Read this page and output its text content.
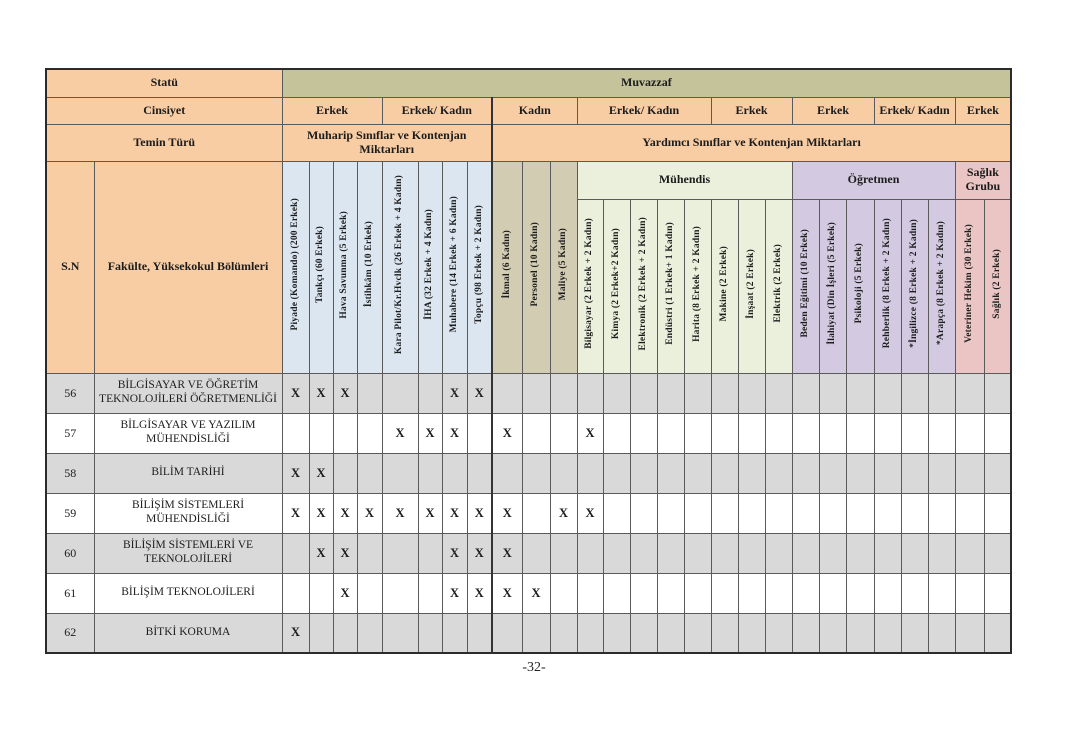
Statü		Muvazzaf																										
Cinsiyet		Erkek				Erkek/ Kadın				Kadın			Erkek/ Kadın					Erkek			Erkek			Erkek/ Kadın			Erkek	
Temin Türü		Muharip Sınıflar ve Kontenjan Miktarları								Yardımcı Sınıflar ve Kontenjan Miktarları																		
S.N	Fakülte, Yüksekokul Bölümleri	Piyade (Komando) (200 Erkek)	Tankçı (60 Erkek)	Hava Savunma (5 Erkek)	İstihkâm (10 Erkek)	Kara Pilot/Kr.Hvclk (26 Erkek + 4 Kadın)	İHA (32 Erkek + 4 Kadın)	Muhabere (14 Erkek + 6 Kadın)	Topçu (98 Erkek + 2 Kadın)	İkmal (6 Kadın)	Personel (10 Kadın)	Maliye (5 Kadın)	Mühendis								Öğretmen						Sağlık Grubu	
													Bilgisayar (2 Erkek + 2 Kadın)	Kimya (2 Erkek+2 Kadın)	Elektronik (2 Erkek + 2 Kadın)	Endüstri (1 Erkek+ 1 Kadın)	Harita (8 Erkek + 2 Kadın)	Makine (2 Erkek)	İnşaat (2 Erkek)	Elektrik (2 Erkek)	Beden Eğitimi (10 Erkek)	İlahiyat (Din İşleri (5 Erkek)	Psikoloji (5 Erkek)	Rehberlik (8 Erkek + 2 Kadın)	*İngilizce (8 Erkek + 2 Kadın)	*Arapça (8 Erkek + 2 Kadın)	Veteriner Hekim (30 Erkek)	Sağlık (2 Erkek)
56	BİLGİSAYAR VE ÖĞRETİM TEKNOLOJİLERİ ÖĞRETMENLİĞİ	X	X	X				X	X																			
57	BİLGİSAYAR VE YAZILIM MÜHENDİSLİĞİ					X	X	X		X			X															
58	BİLİM TARİHİ	X	X																									
59	BİLİŞİM SİSTEMLERİ MÜHENDİSLİĞİ	X	X	X	X	X	X	X	X	X		X	X															
60	BİLİŞİM SİSTEMLERİ VE TEKNOLOJİLERİ		X	X				X	X	X																		
61	BİLİŞİM TEKNOLOJİLERİ			X				X	X	X	X																	
62	BİTKİ KORUMA	X																										
-32-
